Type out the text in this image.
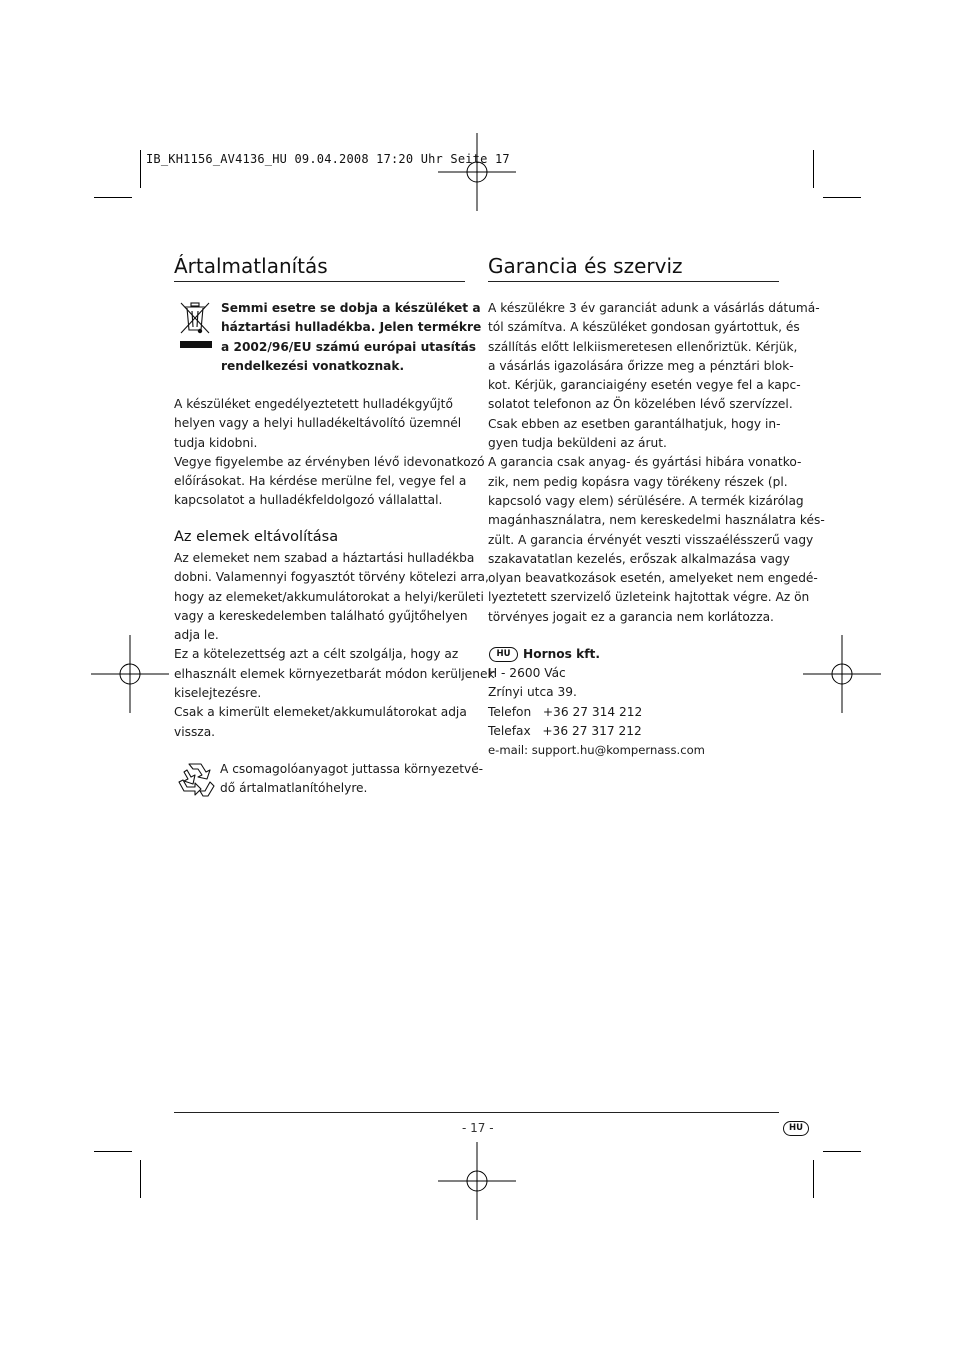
IB_KH1156_AV4136_HU 09.04.2008 17:20 Uhr Seite 17
Ártalmatlanítás
Semmi esetre se dobja a készüléket a
háztartási hulladékba. Jelen termékre
a 2002/96/EU számú európai utasítás
rendelkezési vonatkoznak.
A készüléket engedélyeztetett hulladékgyűjtő
helyen vagy a helyi hulladékeltávolító üzemnél
tudja kidobni.
Vegye figyelembe az érvényben lévő idevonatkozó
előírásokat. Ha kérdése merülne fel, vegye fel a
kapcsolatot a hulladékfeldolgozó vállalattal.
Az elemek eltávolítása
Az elemeket nem szabad a háztartási hulladékba
dobni. Valamennyi fogyasztót törvény kötelezi arra,
hogy az elemeket/akkumulátorokat a helyi/kerületi
vagy a kereskedelemben található gyűjtőhelyen
adja le.
Ez a kötelezettség azt a célt szolgálja, hogy az
elhasznált elemek környezetbarát módon kerüljenek
kiselejtezésre.
Csak a kimerült elemeket/akkumulátorokat adja
vissza.
A csomagolóanyagot juttassa környezetvé-
dő ártalmatlanítóhelyre.
Garancia és szerviz
A készülékre 3 év garanciát adunk a vásárlás dátumá-
tól számítva. A készüléket gondosan gyártottuk, és
szállítás előtt lelkiismeretesen ellenőriztük. Kérjük,
a vásárlás igazolására őrizze meg a pénztári blok-
kot. Kérjük, garanciaigény esetén vegye fel a kapc-
solatot telefonon az Ön közelében lévő szervízzel.
Csak ebben az esetben garantálhatjuk, hogy in-
gyen tudja beküldeni az árut.
A garancia csak anyag- és gyártási hibára vonatko-
zik, nem pedig kopásra vagy törékeny részek (pl.
kapcsoló vagy elem) sérülésére. A termék kizárólag
magánhasználatra, nem kereskedelmi használatra kés-
zült. A garancia érvényét veszti visszaélésszerű vagy
szakavatatlan kezelés, erőszak alkalmazása vagy
olyan beavatkozások esetén, amelyeket nem engedé-
lyeztetett szervizelő üzleteink hajtottak végre. Az ön
törvényes jogait ez a garancia nem korlátozza.
HU	Hornos kft.
H - 2600 Vác
Zrínyi utca 39.
Telefon   +36 27 314 212
Telefax   +36 27 317 212
e-mail: support.hu@kompernass.com
- 17 -	HU
